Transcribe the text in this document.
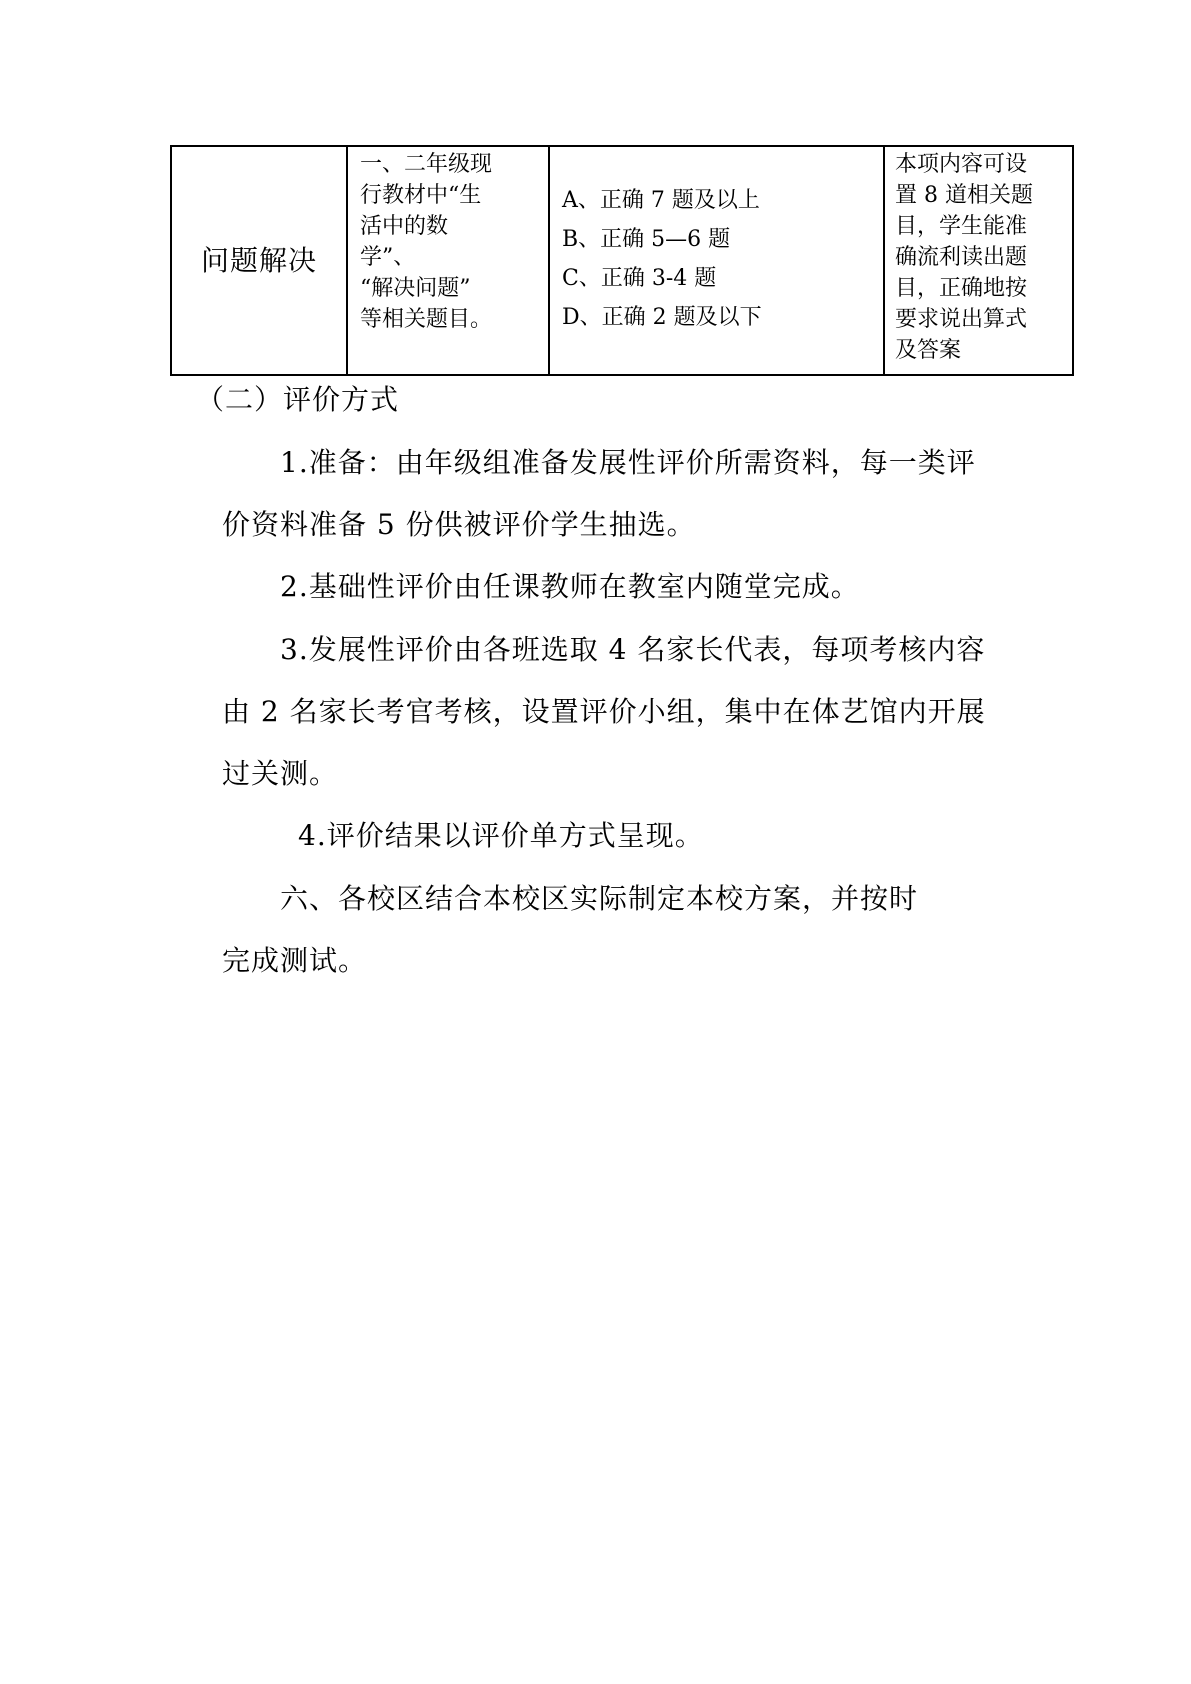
问题解决	
一、二年级现
行教材中“生
活中的数
学”、
“解决问题”
等相关题目。

A、正确 7 题及以上
B、正确 5—6 题
C、正确 3-4 题
D、正确 2 题及以下

本项内容可设
置 8 道相关题
目，学生能准
确流利读出题
目，正确地按
要求说出算式
及答案

（二）评价方式

1.准备：由年级组准备发展性评价所需资料，每一类评

价资料准备 5 份供被评价学生抽选。

2.基础性评价由任课教师在教室内随堂完成。

3.发展性评价由各班选取 4 名家长代表，每项考核内容

由 2 名家长考官考核，设置评价小组，集中在体艺馆内开展

过关测。

4.评价结果以评价单方式呈现。

六、各校区结合本校区实际制定本校方案，并按时

完成测试。
